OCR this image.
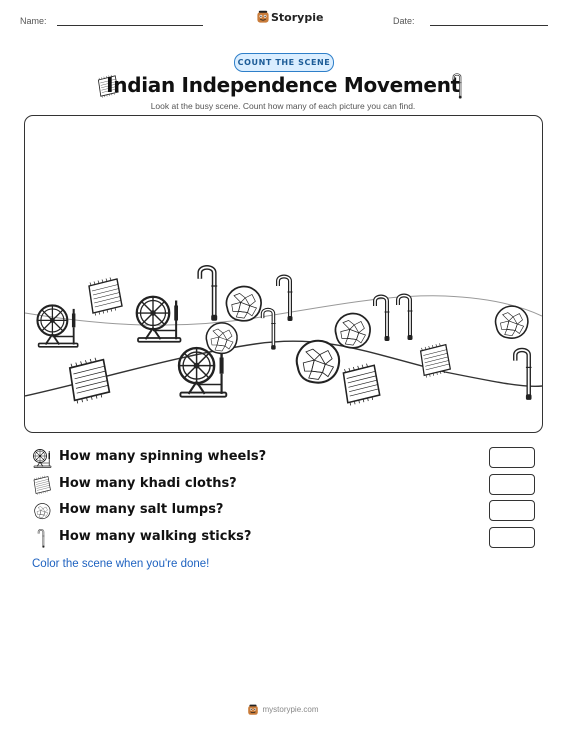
Name:	Storypie	Date:
COUNT THE SCENE
Indian Independence Movement
Look at the busy scene. Count how many of each picture you can find.
How many spinning wheels?
How many khadi cloths?
How many salt lumps?
How many walking sticks?
Color the scene when you're done!
mystorypie.com
